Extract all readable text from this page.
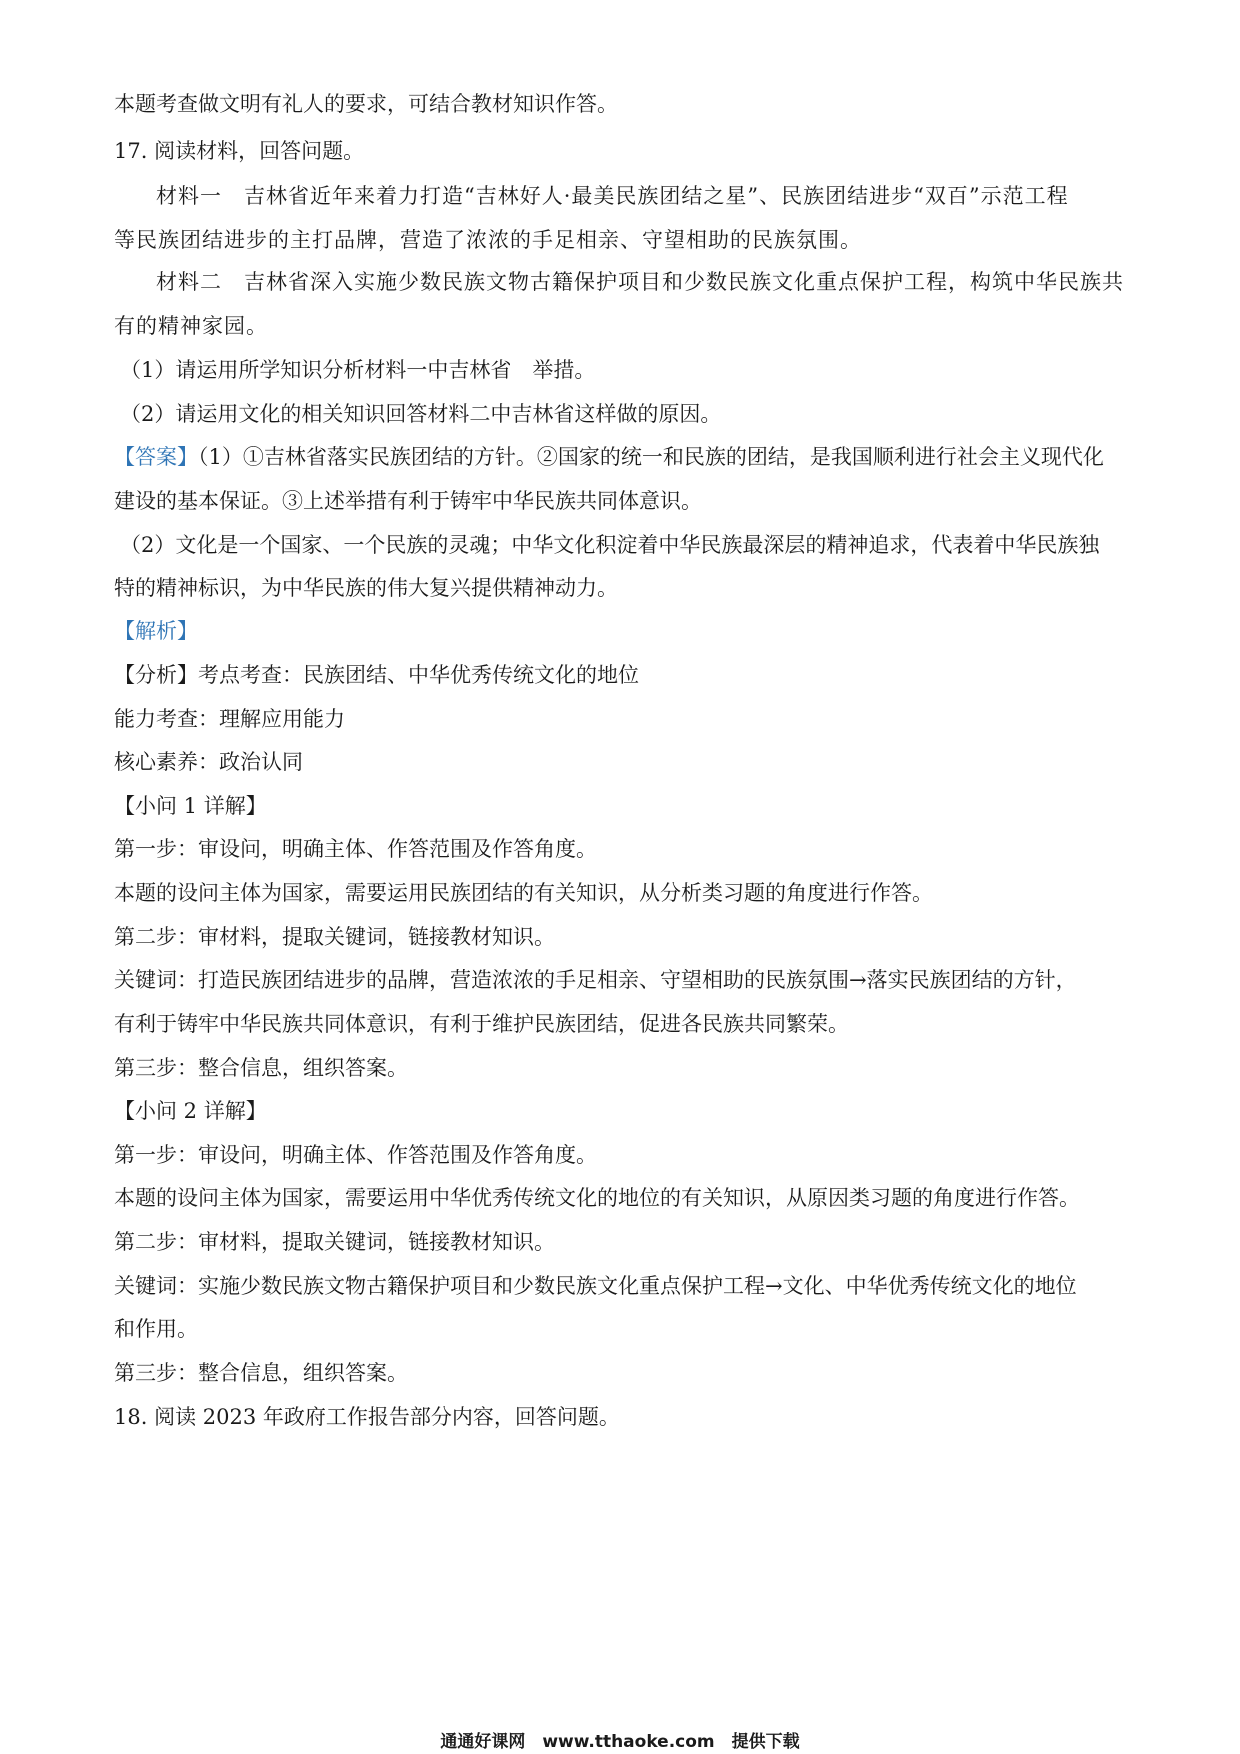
本题考查做文明有礼人的要求，可结合教材知识作答。
17. 阅读材料，回答问题。
材料一　吉林省近年来着力打造“吉林好人·最美民族团结之星”、民族团结进步“双百”示范工程
等民族团结进步的主打品牌，营造了浓浓的手足相亲、守望相助的民族氛围。
材料二　吉林省深入实施少数民族文物古籍保护项目和少数民族文化重点保护工程，构筑中华民族共
有的精神家园。
（1）请运用所学知识分析材料一中吉林省　举措。
（2）请运用文化的相关知识回答材料二中吉林省这样做的原因。
【答案】（1）①吉林省落实民族团结的方针。②国家的统一和民族的团结，是我国顺利进行社会主义现代化
建设的基本保证。③上述举措有利于铸牢中华民族共同体意识。
（2）文化是一个国家、一个民族的灵魂；中华文化积淀着中华民族最深层的精神追求，代表着中华民族独
特的精神标识，为中华民族的伟大复兴提供精神动力。
【解析】
【分析】考点考查：民族团结、中华优秀传统文化的地位
能力考查：理解应用能力
核心素养：政治认同
【小问 1 详解】
第一步：审设问，明确主体、作答范围及作答角度。
本题的设问主体为国家，需要运用民族团结的有关知识，从分析类习题的角度进行作答。
第二步：审材料，提取关键词，链接教材知识。
关键词：打造民族团结进步的品牌，营造浓浓的手足相亲、守望相助的民族氛围→落实民族团结的方针，
有利于铸牢中华民族共同体意识，有利于维护民族团结，促进各民族共同繁荣。
第三步：整合信息，组织答案。
【小问 2 详解】
第一步：审设问，明确主体、作答范围及作答角度。
本题的设问主体为国家，需要运用中华优秀传统文化的地位的有关知识，从原因类习题的角度进行作答。
第二步：审材料，提取关键词，链接教材知识。
关键词：实施少数民族文物古籍保护项目和少数民族文化重点保护工程→文化、中华优秀传统文化的地位
和作用。
第三步：整合信息，组织答案。
18. 阅读 2023 年政府工作报告部分内容，回答问题。
通通好课网　www.tthaoke.com　提供下载
